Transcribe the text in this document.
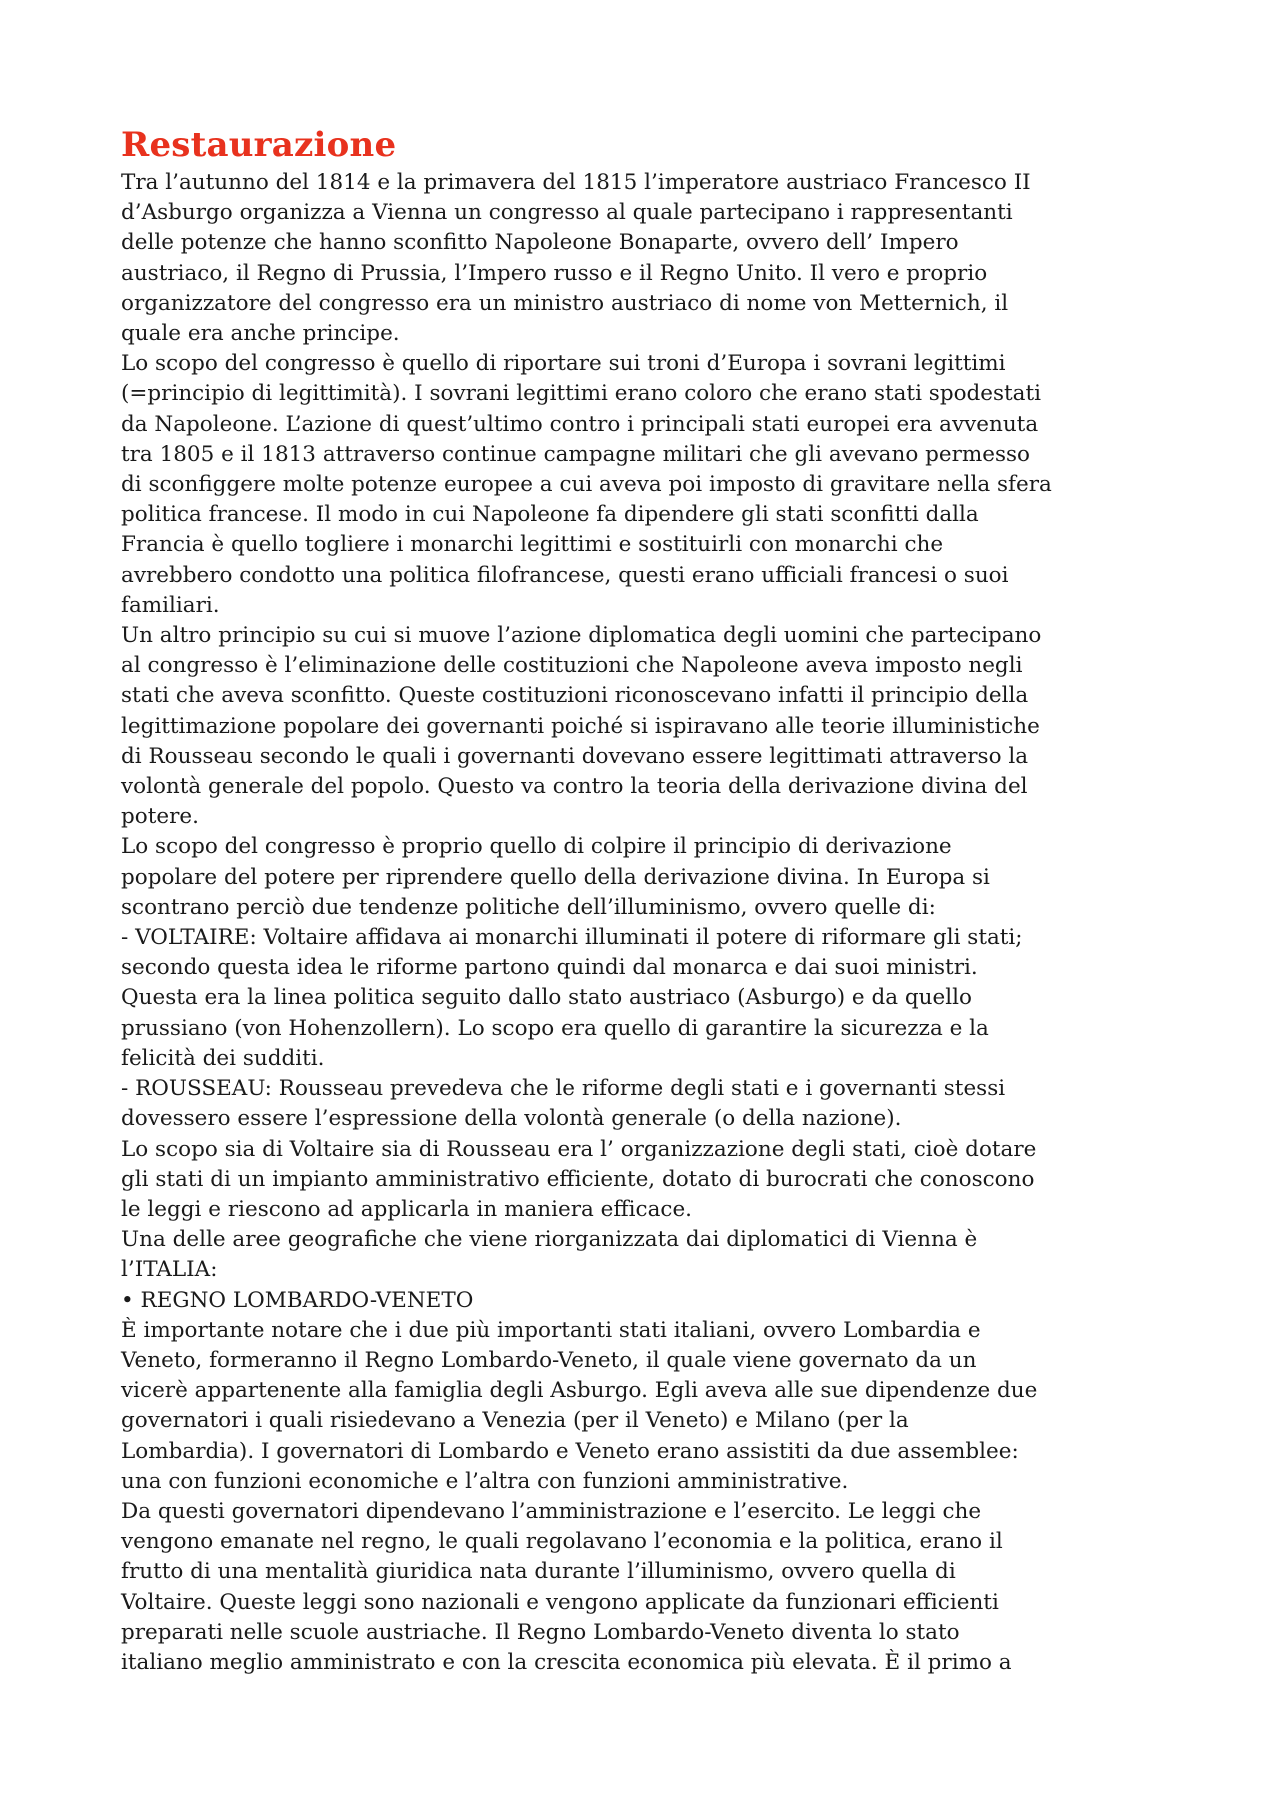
Restaurazione
Tra l’autunno del 1814 e la primavera del 1815 l’imperatore austriaco Francesco II
d’Asburgo organizza a Vienna un congresso al quale partecipano i rappresentanti
delle potenze che hanno sconfitto Napoleone Bonaparte, ovvero dell’ Impero
austriaco, il Regno di Prussia, l’Impero russo e il Regno Unito. Il vero e proprio
organizzatore del congresso era un ministro austriaco di nome von Metternich, il
quale era anche principe.
Lo scopo del congresso è quello di riportare sui troni d’Europa i sovrani legittimi
(=principio di legittimità). I sovrani legittimi erano coloro che erano stati spodestati
da Napoleone. L’azione di quest’ultimo contro i principali stati europei era avvenuta
tra 1805 e il 1813 attraverso continue campagne militari che gli avevano permesso
di sconfiggere molte potenze europee a cui aveva poi imposto di gravitare nella sfera
politica francese. Il modo in cui Napoleone fa dipendere gli stati sconfitti dalla
Francia è quello togliere i monarchi legittimi e sostituirli con monarchi che
avrebbero condotto una politica filofrancese, questi erano ufficiali francesi o suoi
familiari.
Un altro principio su cui si muove l’azione diplomatica degli uomini che partecipano
al congresso è l’eliminazione delle costituzioni che Napoleone aveva imposto negli
stati che aveva sconfitto. Queste costituzioni riconoscevano infatti il principio della
legittimazione popolare dei governanti poiché si ispiravano alle teorie illuministiche
di Rousseau secondo le quali i governanti dovevano essere legittimati attraverso la
volontà generale del popolo. Questo va contro la teoria della derivazione divina del
potere.
Lo scopo del congresso è proprio quello di colpire il principio di derivazione
popolare del potere per riprendere quello della derivazione divina. In Europa si
scontrano perciò due tendenze politiche dell’illuminismo, ovvero quelle di:
- VOLTAIRE: Voltaire affidava ai monarchi illuminati il potere di riformare gli stati;
secondo questa idea le riforme partono quindi dal monarca e dai suoi ministri.
Questa era la linea politica seguito dallo stato austriaco (Asburgo) e da quello
prussiano (von Hohenzollern). Lo scopo era quello di garantire la sicurezza e la
felicità dei sudditi.
- ROUSSEAU: Rousseau prevedeva che le riforme degli stati e i governanti stessi
dovessero essere l’espressione della volontà generale (o della nazione).
Lo scopo sia di Voltaire sia di Rousseau era l’ organizzazione degli stati, cioè dotare
gli stati di un impianto amministrativo efficiente, dotato di burocrati che conoscono
le leggi e riescono ad applicarla in maniera efficace.
Una delle aree geografiche che viene riorganizzata dai diplomatici di Vienna è
l’ITALIA:
• REGNO LOMBARDO-VENETO
È importante notare che i due più importanti stati italiani, ovvero Lombardia e
Veneto, formeranno il Regno Lombardo-Veneto, il quale viene governato da un
vicerè appartenente alla famiglia degli Asburgo. Egli aveva alle sue dipendenze due
governatori i quali risiedevano a Venezia (per il Veneto) e Milano (per la
Lombardia). I governatori di Lombardo e Veneto erano assistiti da due assemblee:
una con funzioni economiche e l’altra con funzioni amministrative.
Da questi governatori dipendevano l’amministrazione e l’esercito. Le leggi che
vengono emanate nel regno, le quali regolavano l’economia e la politica, erano il
frutto di una mentalità giuridica nata durante l’illuminismo, ovvero quella di
Voltaire. Queste leggi sono nazionali e vengono applicate da funzionari efficienti
preparati nelle scuole austriache. Il Regno Lombardo-Veneto diventa lo stato
italiano meglio amministrato e con la crescita economica più elevata. È il primo a
